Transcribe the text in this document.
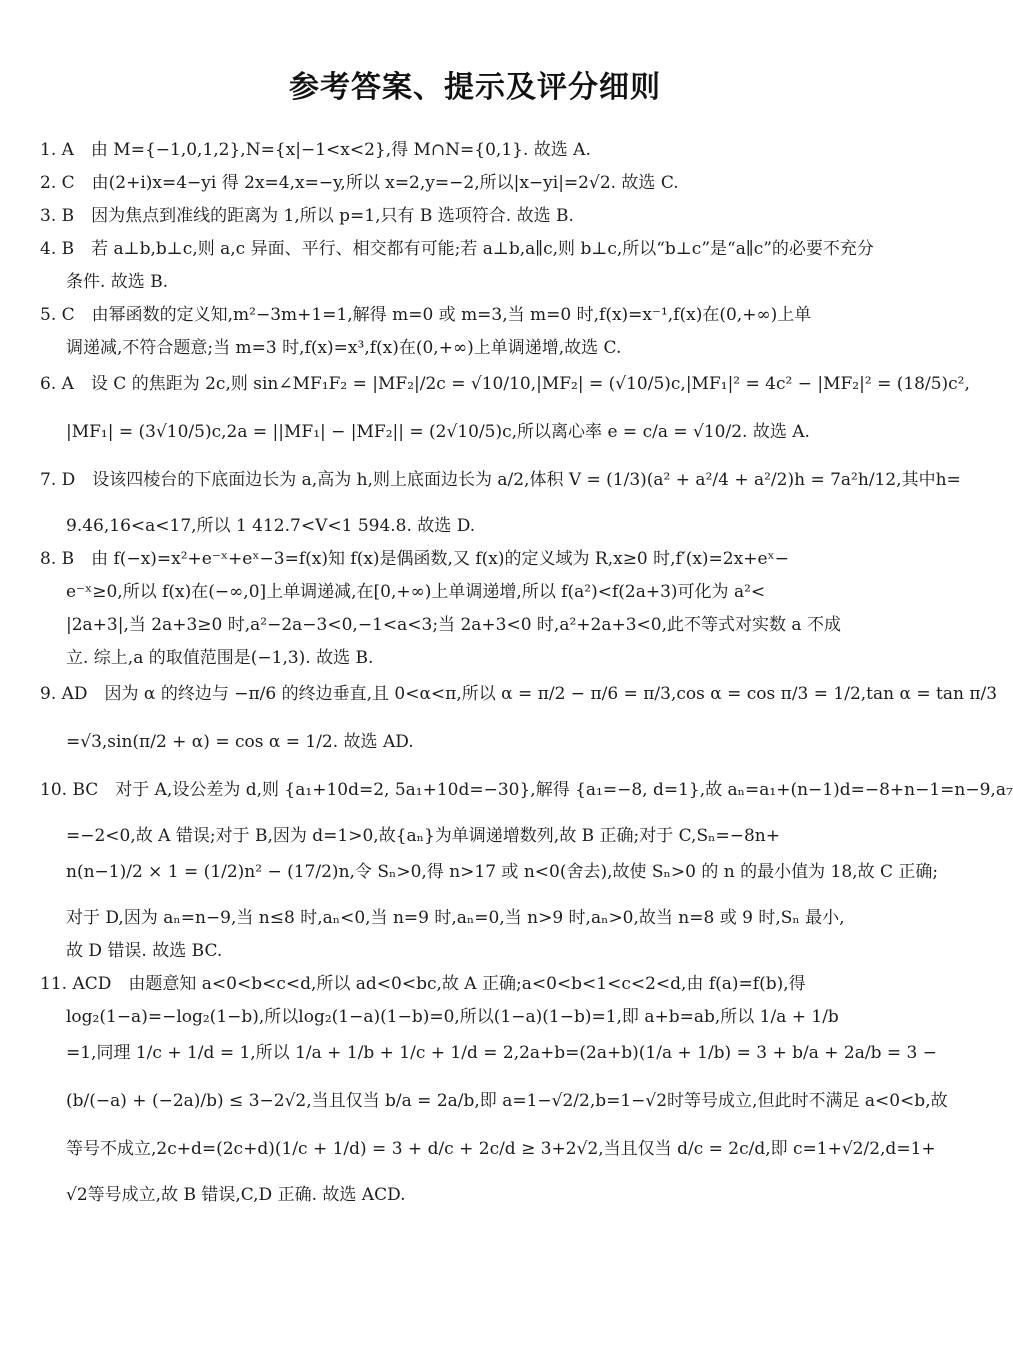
参考答案、提示及评分细则
1. A　由 M={−1,0,1,2},N={x|−1<x<2},得 M∩N={0,1}. 故选 A.
2. C　由(2+i)x=4−yi 得 2x=4,x=−y,所以 x=2,y=−2,所以|x−yi|=2√2. 故选 C.
3. B　因为焦点到准线的距离为 1,所以 p=1,只有 B 选项符合. 故选 B.
4. B　若 a⊥b,b⊥c,则 a,c 异面、平行、相交都有可能;若 a⊥b,a∥c,则 b⊥c,所以“b⊥c”是“a∥c”的必要不充分
条件. 故选 B.
5. C　由幂函数的定义知,m²−3m+1=1,解得 m=0 或 m=3,当 m=0 时,f(x)=x⁻¹,f(x)在(0,+∞)上单
调递减,不符合题意;当 m=3 时,f(x)=x³,f(x)在(0,+∞)上单调递增,故选 C.
6. A　设 C 的焦距为 2c,则 sin∠MF₁F₂ = |MF₂|/2c = √10/10,|MF₂| = (√10/5)c,|MF₁|² = 4c² − |MF₂|² = (18/5)c²,
|MF₁| = (3√10/5)c,2a = ||MF₁| − |MF₂|| = (2√10/5)c,所以离心率 e = c/a = √10/2. 故选 A.
7. D　设该四棱台的下底面边长为 a,高为 h,则上底面边长为 a/2,体积 V = (1/3)(a² + a²/4 + a²/2)h = 7a²h/12,其中h=
9.46,16<a<17,所以 1 412.7<V<1 594.8. 故选 D.
8. B　由 f(−x)=x²+e⁻ˣ+eˣ−3=f(x)知 f(x)是偶函数,又 f(x)的定义域为 R,x≥0 时,f′(x)=2x+eˣ−
e⁻ˣ≥0,所以 f(x)在(−∞,0]上单调递减,在[0,+∞)上单调递增,所以 f(a²)<f(2a+3)可化为 a²<
|2a+3|,当 2a+3≥0 时,a²−2a−3<0,−1<a<3;当 2a+3<0 时,a²+2a+3<0,此不等式对实数 a 不成
立. 综上,a 的取值范围是(−1,3). 故选 B.
9. AD　因为 α 的终边与 −π/6 的终边垂直,且 0<α<π,所以 α = π/2 − π/6 = π/3,cos α = cos π/3 = 1/2,tan α = tan π/3
=√3,sin(π/2 + α) = cos α = 1/2. 故选 AD.
10. BC　对于 A,设公差为 d,则 {a₁+10d=2, 5a₁+10d=−30},解得 {a₁=−8, d=1},故 aₙ=a₁+(n−1)d=−8+n−1=n−9,a₇
=−2<0,故 A 错误;对于 B,因为 d=1>0,故{aₙ}为单调递增数列,故 B 正确;对于 C,Sₙ=−8n+
n(n−1)/2 × 1 = (1/2)n² − (17/2)n,令 Sₙ>0,得 n>17 或 n<0(舍去),故使 Sₙ>0 的 n 的最小值为 18,故 C 正确;
对于 D,因为 aₙ=n−9,当 n≤8 时,aₙ<0,当 n=9 时,aₙ=0,当 n>9 时,aₙ>0,故当 n=8 或 9 时,Sₙ 最小,
故 D 错误. 故选 BC.
11. ACD　由题意知 a<0<b<c<d,所以 ad<0<bc,故 A 正确;a<0<b<1<c<2<d,由 f(a)=f(b),得
log₂(1−a)=−log₂(1−b),所以log₂(1−a)(1−b)=0,所以(1−a)(1−b)=1,即 a+b=ab,所以 1/a + 1/b
=1,同理 1/c + 1/d = 1,所以 1/a + 1/b + 1/c + 1/d = 2,2a+b=(2a+b)(1/a + 1/b) = 3 + b/a + 2a/b = 3 −
(b/(−a) + (−2a)/b) ≤ 3−2√2,当且仅当 b/a = 2a/b,即 a=1−√2/2,b=1−√2时等号成立,但此时不满足 a<0<b,故
等号不成立,2c+d=(2c+d)(1/c + 1/d) = 3 + d/c + 2c/d ≥ 3+2√2,当且仅当 d/c = 2c/d,即 c=1+√2/2,d=1+
√2等号成立,故 B 错误,C,D 正确. 故选 ACD.
